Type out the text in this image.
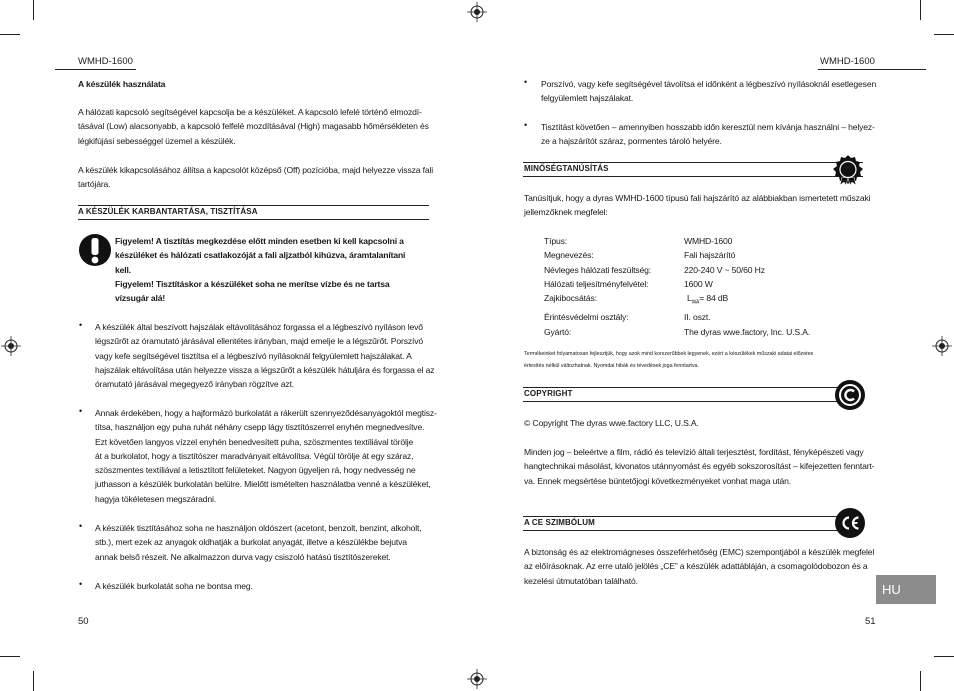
WMHD-1600
A készülék használata
A hálózati kapcsoló segítségével kapcsolja be a készüléket. A kapcsoló lefelé történő elmozdí-
tásával (Low) alacsonyabb, a kapcsoló felfelé mozdításával (High) magasabb hőmérsékleten és
légkifújási sebességgel üzemel a készülék.
A készülék kikapcsolásához állítsa a kapcsolót középső (Off) pozícióba, majd helyezze vissza fali
tartójára.
A KÉSZÜLÉK KARBANTARTÁSA, TISZTÍTÁSA
Figyelem! A tisztítás megkezdése előtt minden esetben ki kell kapcsolni a
készüléket és hálózati csatlakozóját a fali aljzatból kihúzva, áramtalanítani
kell.
Figyelem! Tisztításkor a készüléket soha ne merítse vízbe és ne tartsa
vízsugár alá!
• A készülék által beszívott hajszálak eltávolításához forgassa el a légbeszívó nyíláson levő
légszűrőt az óramutató járásával ellentétes irányban, majd emelje le a légszűrőt. Porszívó
vagy kefe segítségével tisztítsa el a légbeszívó nyílásoknál felgyülemlett hajszálakat. A
hajszálak eltávolítása után helyezze vissza a légszűrőt a készülék hátuljára és forgassa el az
óramutató járásával megegyező irányban rögzítve azt.
• Annak érdekében, hogy a hajformázó burkolatát a rákerült szennyeződésanyagoktól megtisz-
títsa, használjon egy puha ruhát néhány csepp lágy tisztítószerrel enyhén megnedvesítve.
Ezt követően langyos vízzel enyhén benedvesített puha, szöszmentes textíliával törölje
át a burkolatot, hogy a tisztítószer maradványait eltávolítsa. Végül törölje át egy száraz,
szöszmentes textíliával a letisztított felületeket. Nagyon ügyeljen rá, hogy nedvesség ne
juthasson a készülék burkolatán belülre. Mielőtt ismételten használatba venné a készüléket,
hagyja tökéletesen megszáradni.
• A készülék tisztításához soha ne használjon oldószert (acetont, benzolt, benzint, alkoholt,
stb.), mert ezek az anyagok oldhatják a burkolat anyagát, illetve a készülékbe bejutva
annak belső részeit. Ne alkalmazzon durva vagy csiszoló hatású tisztítószereket.
• A készülék burkolatát soha ne bontsa meg.
50
WMHD-1600
• Porszívó, vagy kefe segítségével távolítsa el időnként a légbeszívó nyílásoknál esetlegesen
felgyülemlett hajszálakat.
• Tisztítást követően – amennyiben hosszabb időn keresztül nem kívánja használni – helyez-
ze a hajszárítót száraz, pormentes tároló helyére.
MINŐSÉGTANÚSÍTÁS
Tanúsítjuk, hogy a dyras WMHD-1600 típusú fali hajszárító az alábbiakban ismertetett műszaki
jellemzőknek megfelel:
Típus:	WMHD-1600
Megnevezés:	Fali hajszárító
Névleges hálózati feszültség:	220-240 V ~ 50/60 Hz
Hálózati teljesítményfelvétel:	1600 W
Zajkibocsátás:	$L_{WA}= 84$ dB
Érintésvédelmi osztály:	II. oszt.
Gyártó:	The dyras wwe.factory, Inc. U.S.A.
Termékeinket folyamatosan fejlesztjük, hogy azok mind korszerűbbek legyenek, ezért a készülékek műszaki adatai előzetes
értesítés nélkül változhatnak. Nyomdai hibák és tévedések joga fenntartva.
COPYRIGHT
© Copyright The dyras wwe.factory LLC, U.S.A.
Minden jog – beleértve a film, rádió és televízió általi terjesztést, fordítást, fényképészeti vagy
hangtechnikai másolást, kivonatos utánnyomást és egyéb sokszorosítást – kifejezetten fenntart-
va. Ennek megsértése büntetőjogi következményeket vonhat maga után.
A CE SZIMBÓLUM
A biztonság és az elektromágneses összeférhetőség (EMC) szempontjából a készülék megfelel
az előírásoknak. Az erre utaló jelölés „CE” a készülék adattábláján, a csomagolódobozon és a
kezelési útmutatóban található.
HU
51
